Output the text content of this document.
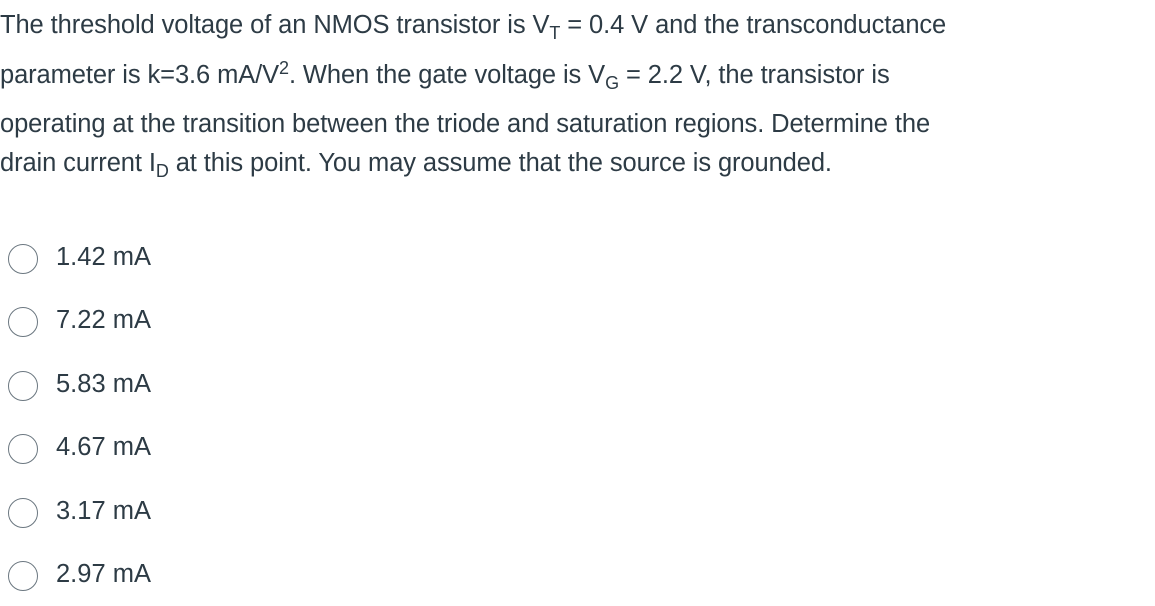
The threshold voltage of an NMOS transistor is $V_T = 0.4$ V and the transconductance
parameter is k=3.6 $mA/V^2$. When the gate voltage is $V_G = 2.2$ V, the transistor is
operating at the transition between the triode and saturation regions. Determine the
drain current $I_D$ at this point. You may assume that the source is grounded.
1.42 mA
7.22 mA
5.83 mA
4.67 mA
3.17 mA
2.97 mA
